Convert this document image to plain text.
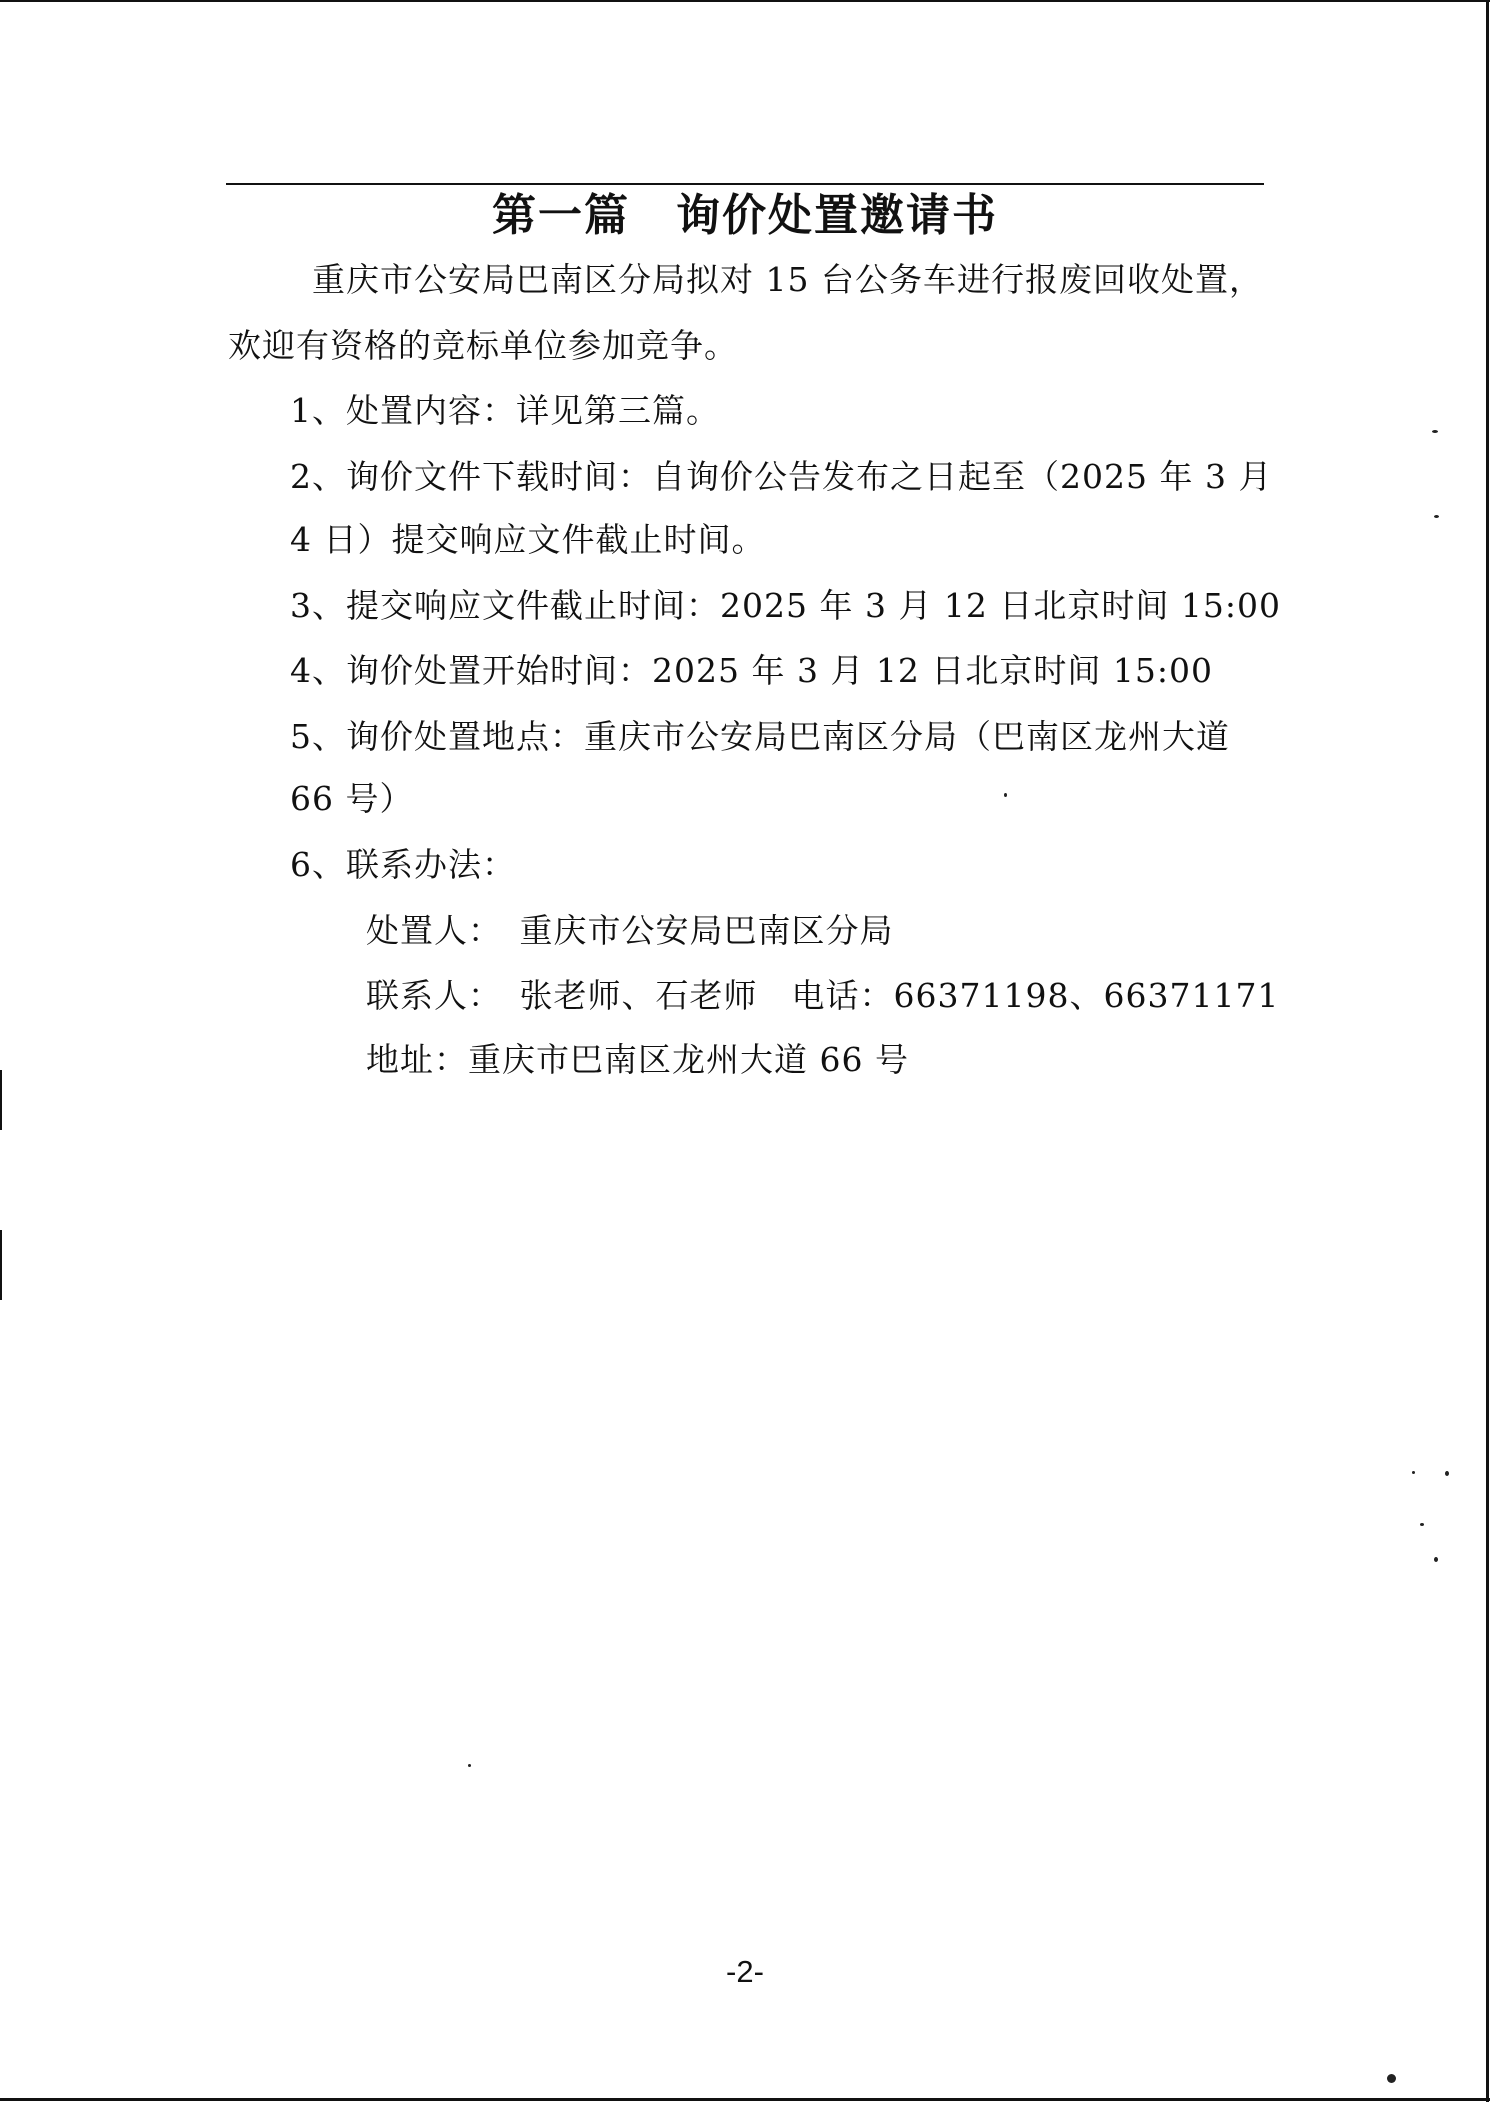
第一篇　询价处置邀请书
重庆市公安局巴南区分局拟对 15 台公务车进行报废回收处置，
欢迎有资格的竞标单位参加竞争。
1、处置内容：详见第三篇。
2、询价文件下载时间：自询价公告发布之日起至（2025 年 3 月
4 日）提交响应文件截止时间。
3、提交响应文件截止时间：2025 年 3 月 12 日北京时间 15:00
4、询价处置开始时间：2025 年 3 月 12 日北京时间 15:00
5、询价处置地点：重庆市公安局巴南区分局（巴南区龙州大道
66 号）
6、联系办法：
处置人：　重庆市公安局巴南区分局
联系人：　张老师、石老师　电话：66371198、66371171
地址：重庆市巴南区龙州大道 66 号
-2-
